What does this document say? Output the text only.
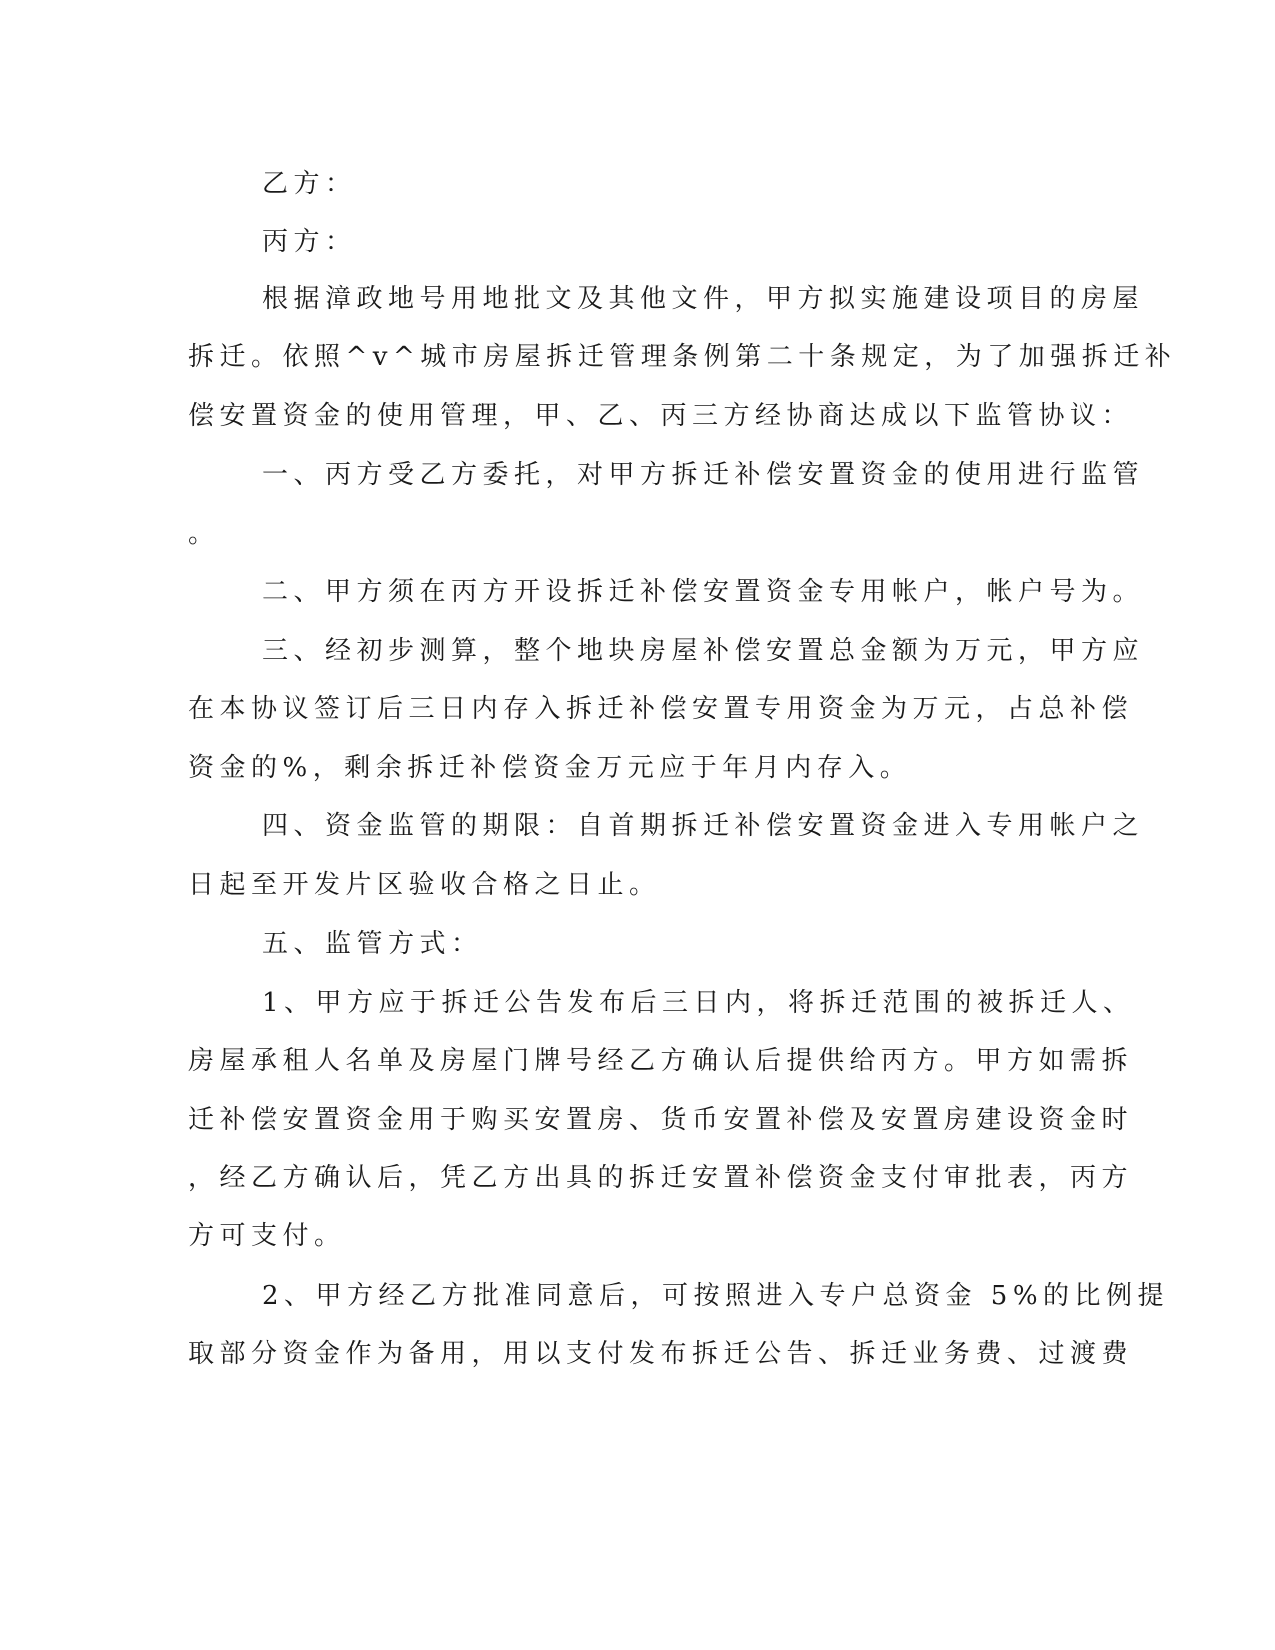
乙方：
丙方：
根据漳政地号用地批文及其他文件，甲方拟实施建设项目的房屋
拆迁。依照^v^城市房屋拆迁管理条例第二十条规定，为了加强拆迁补
偿安置资金的使用管理，甲、乙、丙三方经协商达成以下监管协议：
一、丙方受乙方委托，对甲方拆迁补偿安置资金的使用进行监管
。
二、甲方须在丙方开设拆迁补偿安置资金专用帐户，帐户号为。
三、经初步测算，整个地块房屋补偿安置总金额为万元，甲方应
在本协议签订后三日内存入拆迁补偿安置专用资金为万元，占总补偿
资金的%，剩余拆迁补偿资金万元应于年月内存入。
四、资金监管的期限：自首期拆迁补偿安置资金进入专用帐户之
日起至开发片区验收合格之日止。
五、监管方式：
1、甲方应于拆迁公告发布后三日内，将拆迁范围的被拆迁人、
房屋承租人名单及房屋门牌号经乙方确认后提供给丙方。甲方如需拆
迁补偿安置资金用于购买安置房、货币安置补偿及安置房建设资金时
，经乙方确认后，凭乙方出具的拆迁安置补偿资金支付审批表，丙方
方可支付。
2、甲方经乙方批准同意后，可按照进入专户总资金 5%的比例提
取部分资金作为备用，用以支付发布拆迁公告、拆迁业务费、过渡费
